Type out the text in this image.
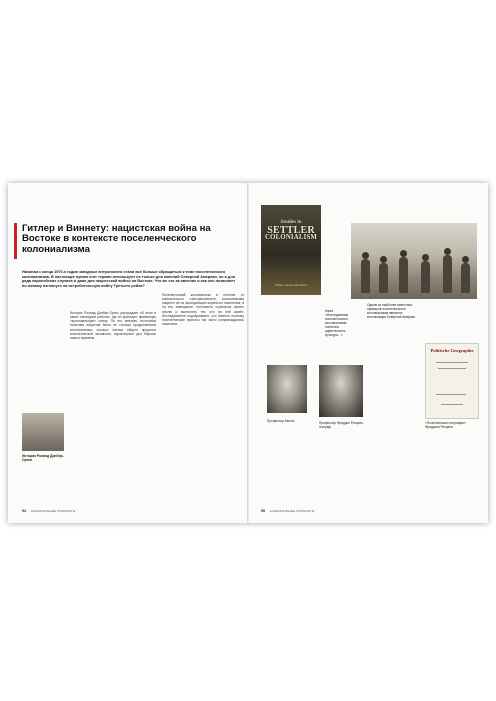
Гитлер и Виннету: нацистская война на Востоке в контексте поселенческого колониализма
Начиная с конца 1970-х годов западные антропологи стали все больше обращаться к теме поселенческого колониализма. В настоящее время этот термин используют не только для колоний Северной Америки, но и для ряда европейских случаев и даже для нацистской войны на Востоке. Что же это за явление и как оно позволяет по-новому взглянуть на истребительную войну Третьего рейха?
Историк Роланд Дэнбер-Ортис рассуждает об этом в своих последних работах, где он критикует привычную «колониальную» схему. По его мнению, восточная политика нацистов была не столько продолжением колониализма, сколько частью общего процесса поселенческой экспансии, характерного для Европы нового времени.
Поселенческий колониализм в отличие от классического «экстрактивного» колониализма нацелен не на эксплуатацию коренного населения, а на его замещение. Колонисты стремятся занять землю и вытеснить тех, кто на ней живёт. Исследователи подчёркивают, что именно поэтому поселенческие проекты так часто сопровождались насилием.
Историк Роланд Дэнбер-Ортис
94 НАЦИОНАЛЬНЫЕ ГОРИЗОНТЫ
Studies in
SETTLER
COLONIALISM
Politics, Identity and Culture
Книга «Исследования поселенческого колониализма: политика, идентичность, культура…»
Одним из наиболее известных примеров поселенческого колониализма является колонизация Северной Америки
Профессор Кюнль	Профессор Фридрих Ратцель, географ
Politische Geographie
«Политическая география» Фридриха Ратцеля
95 НАЦИОНАЛЬНЫЕ ГОРИЗОНТЫ
